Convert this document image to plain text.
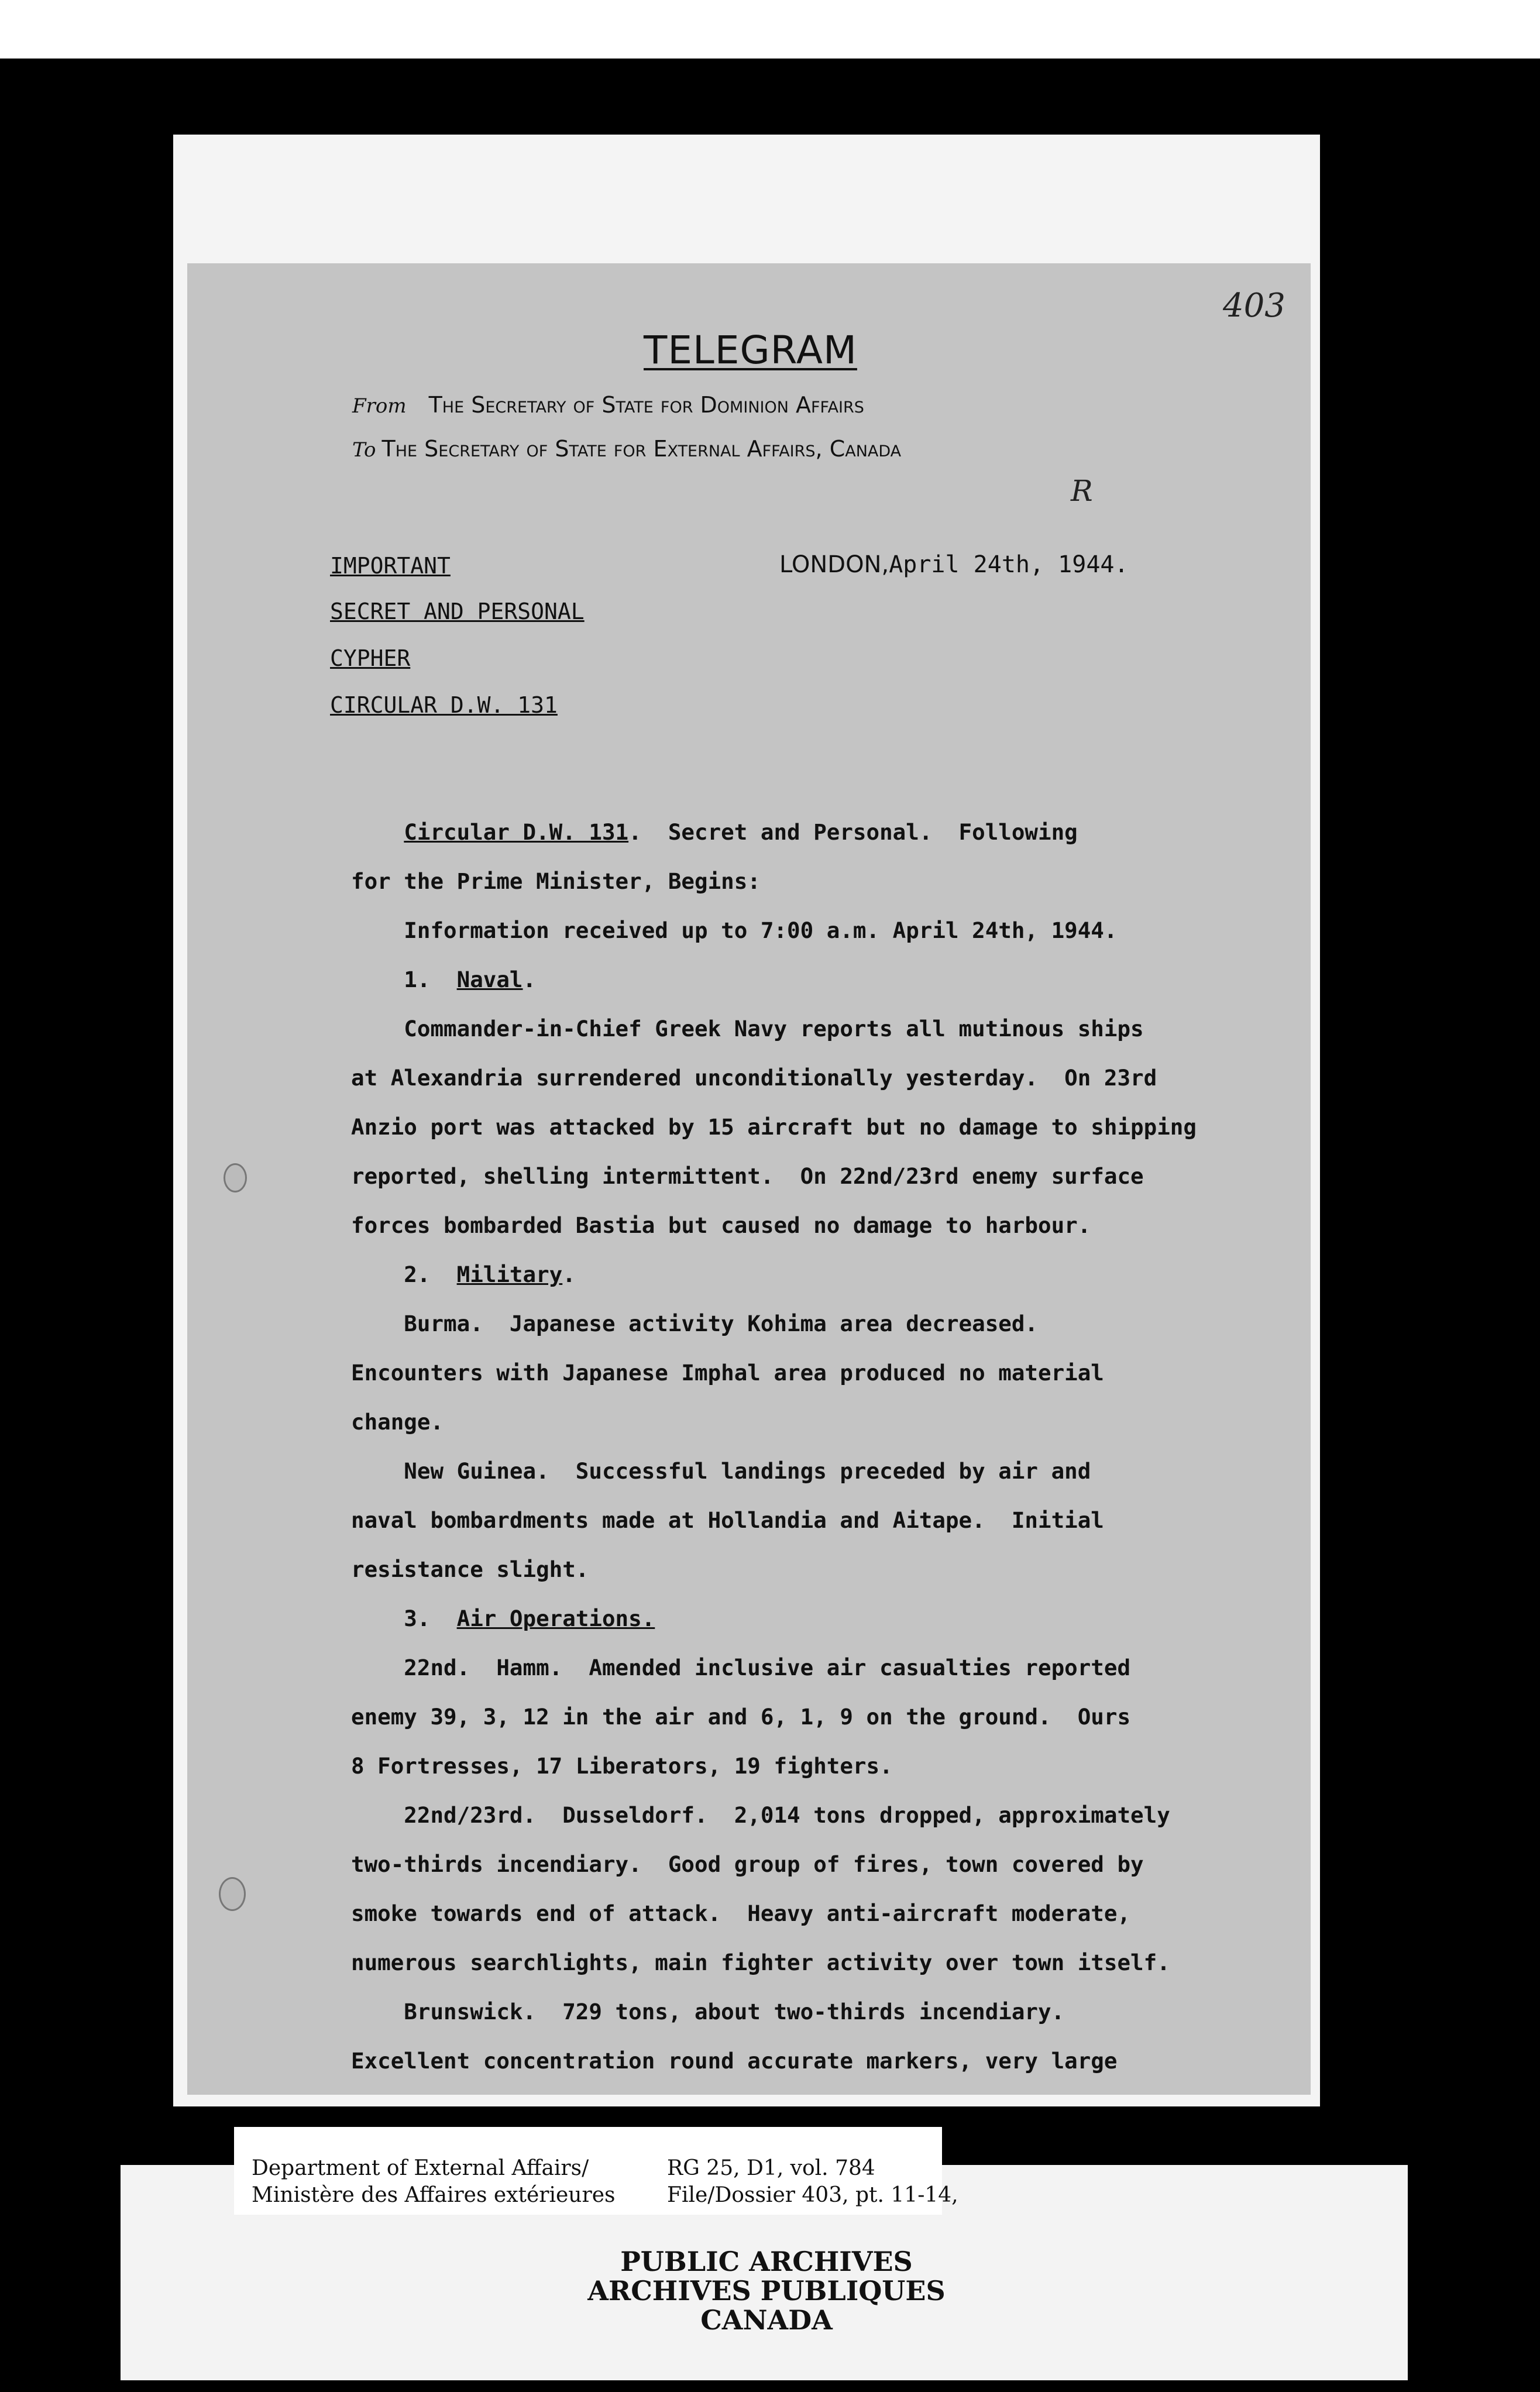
403
TELEGRAM
From The Secretary of State for Dominion Affairs
To The Secretary of State for External Affairs, Canada
R
LONDON,April 24th, 1944.
IMPORTANT
SECRET AND PERSONAL
CYPHER
CIRCULAR D.W. 131

Circular D.W. 131.  Secret and Personal.  Following

for the Prime Minister, Begins:

Information received up to 7:00 a.m. April 24th, 1944.

1.  Naval.

Commander-in-Chief Greek Navy reports all mutinous ships

at Alexandria surrendered unconditionally yesterday.  On 23rd

Anzio port was attacked by 15 aircraft but no damage to shipping

reported, shelling intermittent.  On 22nd/23rd enemy surface

forces bombarded Bastia but caused no damage to harbour.

2.  Military.

Burma.  Japanese activity Kohima area decreased.

Encounters with Japanese Imphal area produced no material

change.

New Guinea.  Successful landings preceded by air and

naval bombardments made at Hollandia and Aitape.  Initial

resistance slight.

3.  Air Operations.

22nd.  Hamm.  Amended inclusive air casualties reported

enemy 39, 3, 12 in the air and 6, 1, 9 on the ground.  Ours

8 Fortresses, 17 Liberators, 19 fighters.

22nd/23rd.  Dusseldorf.  2,014 tons dropped, approximately

two-thirds incendiary.  Good group of fires, town covered by

smoke towards end of attack.  Heavy anti-aircraft moderate,

numerous searchlights, main fighter activity over town itself.

Brunswick.  729 tons, about two-thirds incendiary.

Excellent concentration round accurate markers, very large

Department of External Affairs/
Ministère des Affaires extérieures
RG 25, D1, vol. 784
File/Dossier 403, pt. 11-14,
PUBLIC ARCHIVES
ARCHIVES PUBLIQUES
CANADA
